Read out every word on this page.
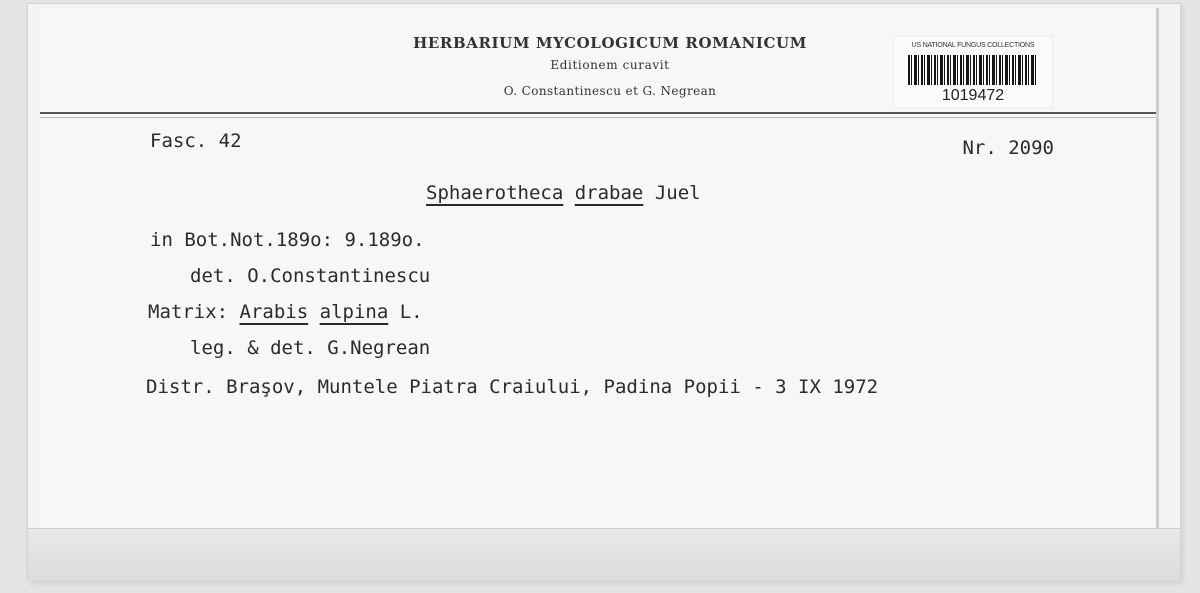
HERBARIUM MYCOLOGICUM ROMANICUM
Editionem curavit
O. Constantinescu et G. Negrean
US NATIONAL FUNGUS COLLECTIONS
1019472
Fasc. 42	Nr. 2090
Sphaerotheca drabae Juel
in Bot.Not.189o: 9.189o.
det. O.Constantinescu
Matrix: Arabis alpina L.
leg. & det. G.Negrean
Distr. Braşov, Muntele Piatra Craiului, Padina Popii - 3 IX 1972
